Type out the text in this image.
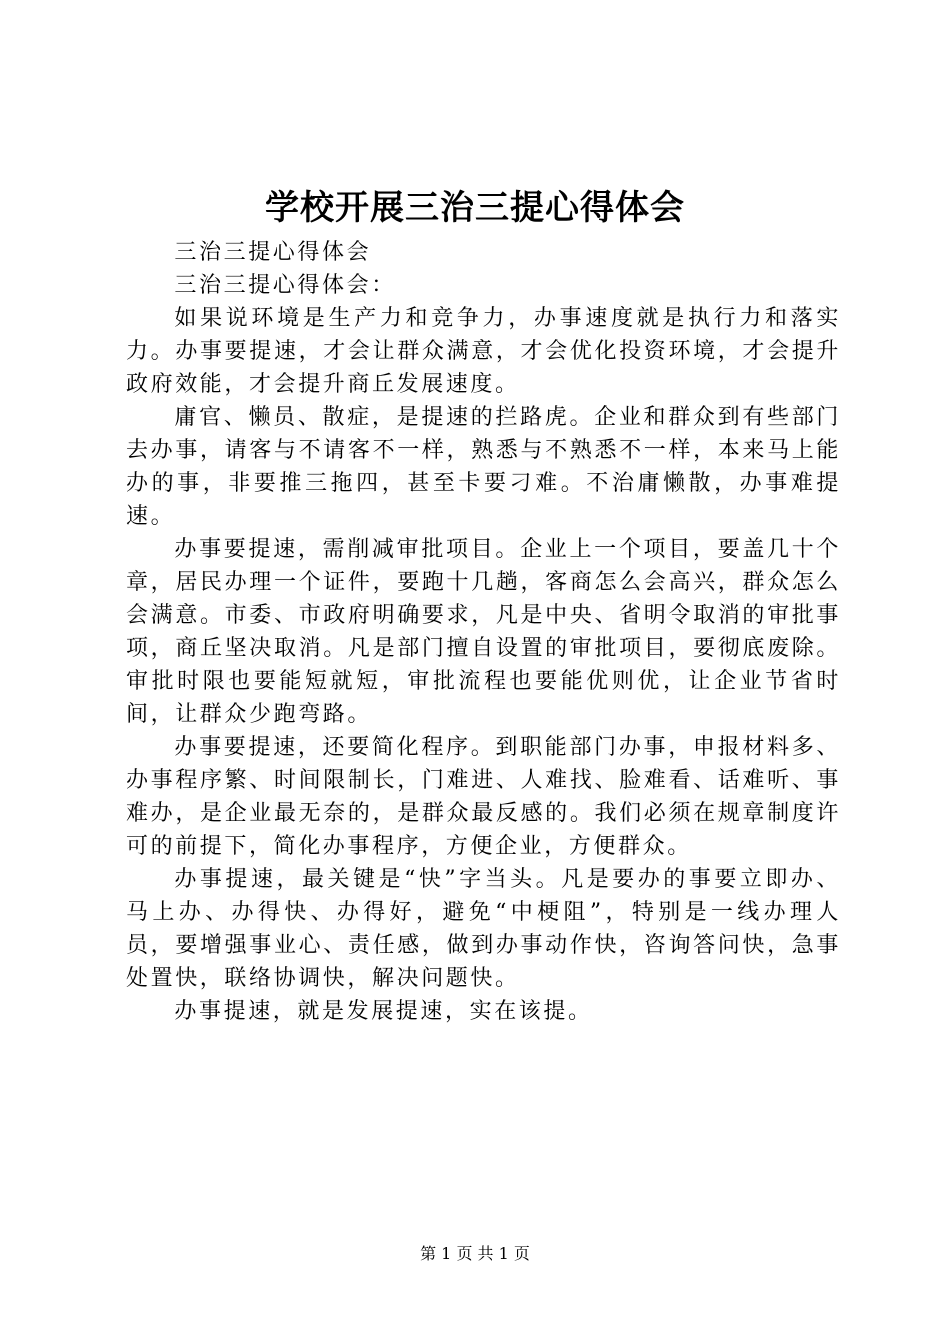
学校开展三治三提心得体会

三治三提心得体会

三治三提心得体会：

如果说环境是生产力和竞争力，办事速度就是执行力和落实力。办事要提速，才会让群众满意，才会优化投资环境，才会提升政府效能，才会提升商丘发展速度。

庸官、懒员、散症，是提速的拦路虎。企业和群众到有些部门去办事，请客与不请客不一样，熟悉与不熟悉不一样，本来马上能办的事，非要推三拖四，甚至卡要刁难。不治庸懒散，办事难提速。

办事要提速，需削减审批项目。企业上一个项目，要盖几十个章，居民办理一个证件，要跑十几趟，客商怎么会高兴，群众怎么会满意。市委、市政府明确要求，凡是中央、省明令取消的审批事项，商丘坚决取消。凡是部门擅自设置的审批项目，要彻底废除。审批时限也要能短就短，审批流程也要能优则优，让企业节省时间，让群众少跑弯路。

办事要提速，还要简化程序。到职能部门办事，申报材料多、办事程序繁、时间限制长，门难进、人难找、脸难看、话难听、事难办，是企业最无奈的，是群众最反感的。我们必须在规章制度许可的前提下，简化办事程序，方便企业，方便群众。

办事提速，最关键是“快”字当头。凡是要办的事要立即办、马上办、办得快、办得好，避免“中梗阻”，特别是一线办理人员，要增强事业心、责任感，做到办事动作快，咨询答问快，急事处置快，联络协调快，解决问题快。

办事提速，就是发展提速，实在该提。

第 1 页 共 1 页
